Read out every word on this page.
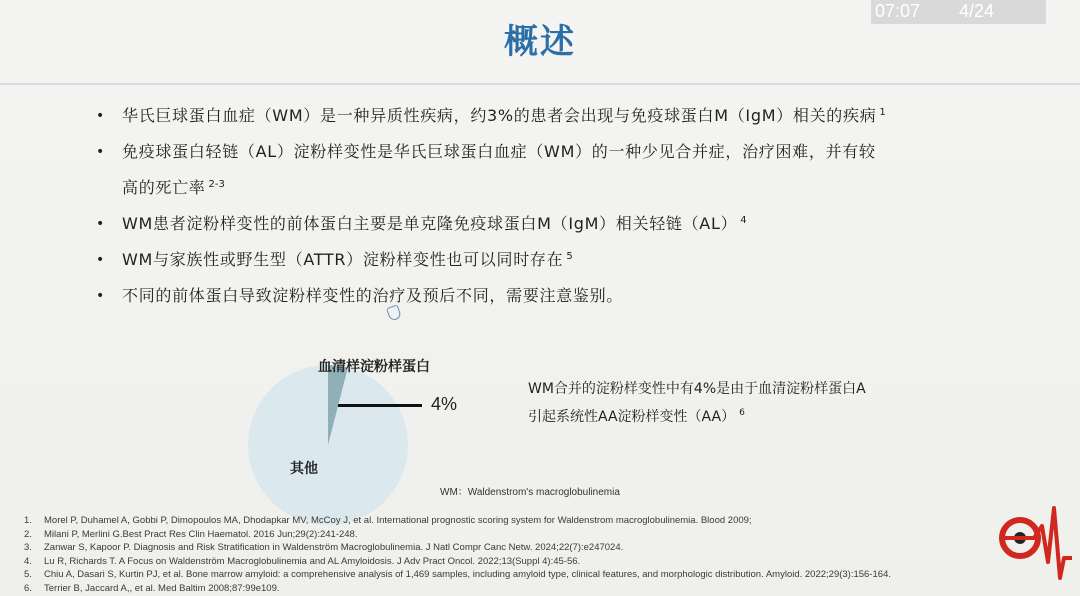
07:07 4/24
概述
• 华氏巨球蛋白血症（WM）是一种异质性疾病，约3%的患者会出现与免疫球蛋白M（IgM）相关的疾病 $^1$
• 免疫球蛋白轻链（AL）淀粉样变性是华氏巨球蛋白血症（WM）的一种少见合并症，治疗困难，并有较
高的死亡率 $^{2-3}$
• WM患者淀粉样变性的前体蛋白主要是单克隆免疫球蛋白M（IgM）相关轻链（AL） $^4$
• WM与家族性或野生型（ATTR）淀粉样变性也可以同时存在 $^5$
• 不同的前体蛋白导致淀粉样变性的治疗及预后不同，需要注意鉴别。
血清样淀粉样蛋白
4%
其他
WM合并的淀粉样变性中有4%是由于血清淀粉样蛋白A
引起系统性AA淀粉样变性（AA） $^6$
WM：Waldenstrom's macroglobulinemia
1. Morel P, Duhamel A, Gobbi P, Dimopoulos MA, Dhodapkar MV, McCoy J, et al. International prognostic scoring system for Waldenstrom macroglobulinemia. Blood 2009;
2. Milani P, Merlini G.Best Pract Res Clin Haematol. 2016 Jun;29(2):241-248.
3. Zanwar S, Kapoor P. Diagnosis and Risk Stratification in Waldenström Macroglobulinemia. J Natl Compr Canc Netw. 2024;22(7):e247024.
4. Lu R, Richards T. A Focus on Waldenström Macroglobulinemia and AL Amyloidosis. J Adv Pract Oncol. 2022;13(Suppl 4):45-56.
5. Chiu A, Dasari S, Kurtin PJ, et al. Bone marrow amyloid: a comprehensive analysis of 1,469 samples, including amyloid type, clinical features, and morphologic distribution. Amyloid. 2022;29(3):156-164.
6. Terrier B, Jaccard A,, et al. Med Baltim 2008;87:99e109.
